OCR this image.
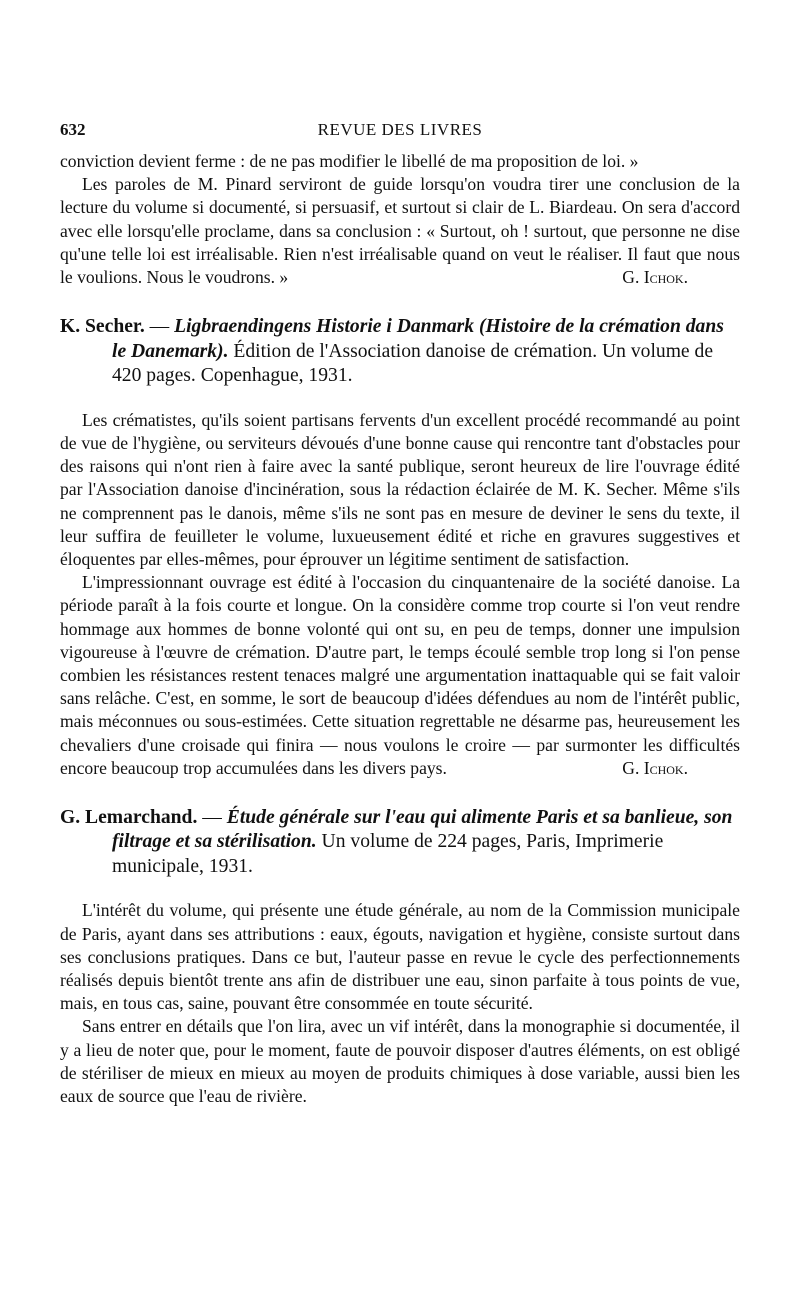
632	REVUE DES LIVRES

conviction devient ferme : de ne pas modifier le libellé de ma proposition de loi. »

Les paroles de M. Pinard serviront de guide lorsqu'on voudra tirer une conclusion de la lecture du volume si documenté, si persuasif, et surtout si clair de L. Biardeau. On sera d'accord avec elle lorsqu'elle proclame, dans sa conclusion : « Surtout, oh ! surtout, que personne ne dise qu'une telle loi est irréalisable. Rien n'est irréalisable quand on veut le réaliser. Il faut que nous le voulions. Nous le voudrons. »	G. Ichok.

K. Secher. — Ligbraendingens Historie i Danmark (Histoire de la crémation dans le Danemark). Édition de l'Association danoise de crémation. Un volume de 420 pages. Copenhague, 1931.

Les crématistes, qu'ils soient partisans fervents d'un excellent procédé recommandé au point de vue de l'hygiène, ou serviteurs dévoués d'une bonne cause qui rencontre tant d'obstacles pour des raisons qui n'ont rien à faire avec la santé publique, seront heureux de lire l'ouvrage édité par l'Association danoise d'incinération, sous la rédaction éclairée de M. K. Secher. Même s'ils ne comprennent pas le danois, même s'ils ne sont pas en mesure de deviner le sens du texte, il leur suffira de feuilleter le volume, luxueusement édité et riche en gravures suggestives et éloquentes par elles-mêmes, pour éprouver un légitime sentiment de satisfaction.

L'impressionnant ouvrage est édité à l'occasion du cinquantenaire de la société danoise. La période paraît à la fois courte et longue. On la considère comme trop courte si l'on veut rendre hommage aux hommes de bonne volonté qui ont su, en peu de temps, donner une impulsion vigoureuse à l'œuvre de crémation. D'autre part, le temps écoulé semble trop long si l'on pense combien les résistances restent tenaces malgré une argumentation inattaquable qui se fait valoir sans relâche. C'est, en somme, le sort de beaucoup d'idées défendues au nom de l'intérêt public, mais méconnues ou sous-estimées. Cette situation regrettable ne désarme pas, heureusement les chevaliers d'une croisade qui finira — nous voulons le croire — par surmonter les difficultés encore beaucoup trop accumulées dans les divers pays.	G. Ichok.

G. Lemarchand. — Étude générale sur l'eau qui alimente Paris et sa banlieue, son filtrage et sa stérilisation. Un volume de 224 pages, Paris, Imprimerie municipale, 1931.

L'intérêt du volume, qui présente une étude générale, au nom de la Commission municipale de Paris, ayant dans ses attributions : eaux, égouts, navigation et hygiène, consiste surtout dans ses conclusions pratiques. Dans ce but, l'auteur passe en revue le cycle des perfectionnements réalisés depuis bientôt trente ans afin de distribuer une eau, sinon parfaite à tous points de vue, mais, en tous cas, saine, pouvant être consommée en toute sécurité.

Sans entrer en détails que l'on lira, avec un vif intérêt, dans la monographie si documentée, il y a lieu de noter que, pour le moment, faute de pouvoir disposer d'autres éléments, on est obligé de stériliser de mieux en mieux au moyen de produits chimiques à dose variable, aussi bien les eaux de source que l'eau de rivière.
